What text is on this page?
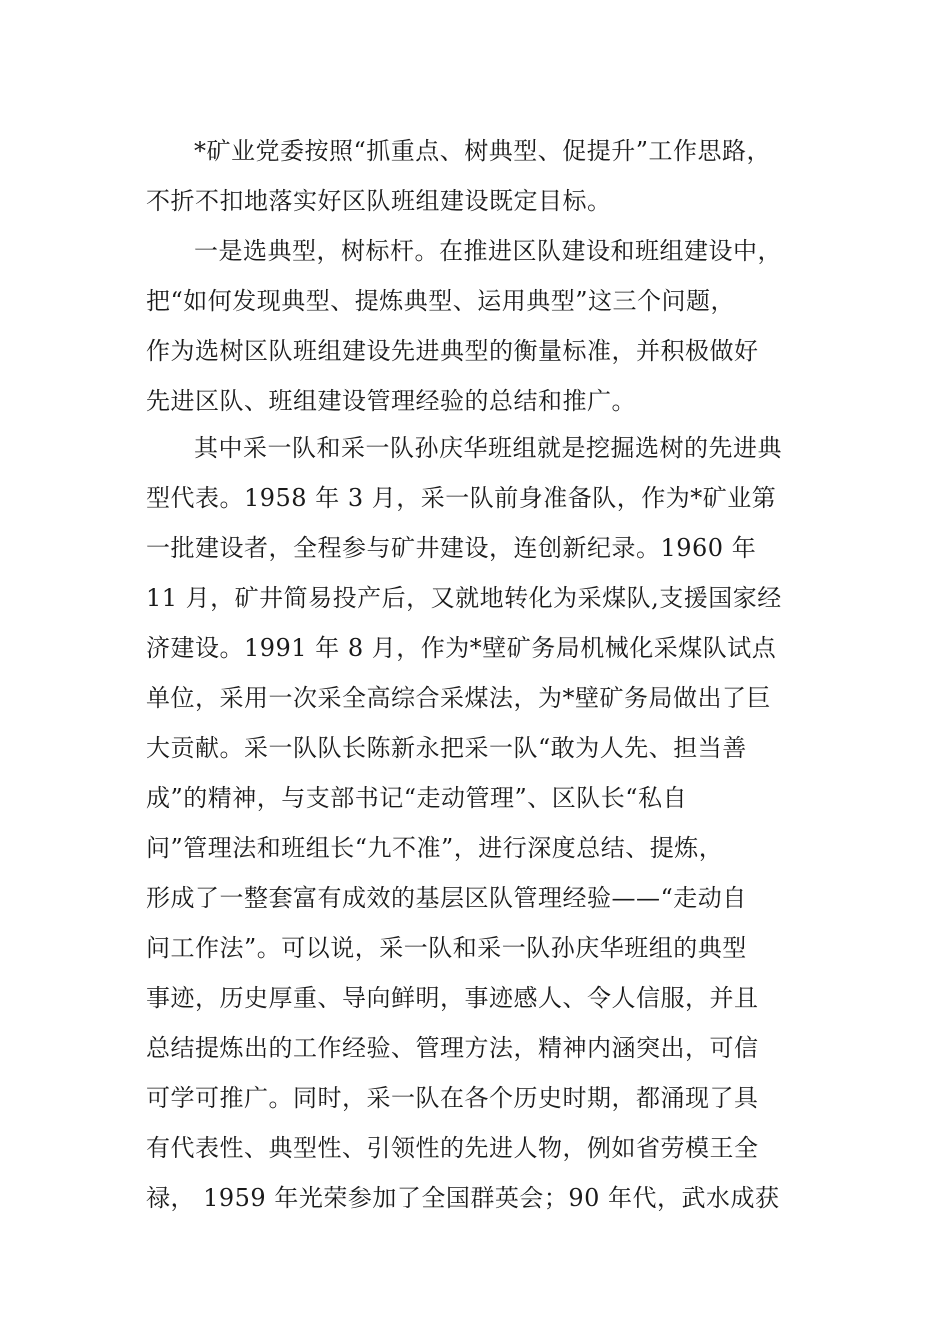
*矿业党委按照“抓重点、树典型、促提升”工作思路，
不折不扣地落实好区队班组建设既定目标。
一是选典型，树标杆。在推进区队建设和班组建设中，
把“如何发现典型、提炼典型、运用典型”这三个问题，
作为选树区队班组建设先进典型的衡量标准，并积极做好
先进区队、班组建设管理经验的总结和推广。
其中采一队和采一队孙庆华班组就是挖掘选树的先进典
型代表。1958 年 3 月，采一队前身准备队，作为*矿业第
一批建设者，全程参与矿井建设，连创新纪录。1960 年
11 月，矿井简易投产后，又就地转化为采煤队,支援国家经
济建设。1991 年 8 月，作为*壁矿务局机械化采煤队试点
单位，采用一次采全高综合采煤法，为*壁矿务局做出了巨
大贡献。采一队队长陈新永把采一队“敢为人先、担当善
成”的精神，与支部书记“走动管理”、区队长“私自
问”管理法和班组长“九不准”，进行深度总结、提炼，
形成了一整套富有成效的基层区队管理经验——“走动自
问工作法”。可以说，采一队和采一队孙庆华班组的典型
事迹，历史厚重、导向鲜明，事迹感人、令人信服，并且
总结提炼出的工作经验、管理方法，精神内涵突出，可信
可学可推广。同时，采一队在各个历史时期，都涌现了具
有代表性、典型性、引领性的先进人物，例如省劳模王全
禄， 1959 年光荣参加了全国群英会；90 年代，武水成获
